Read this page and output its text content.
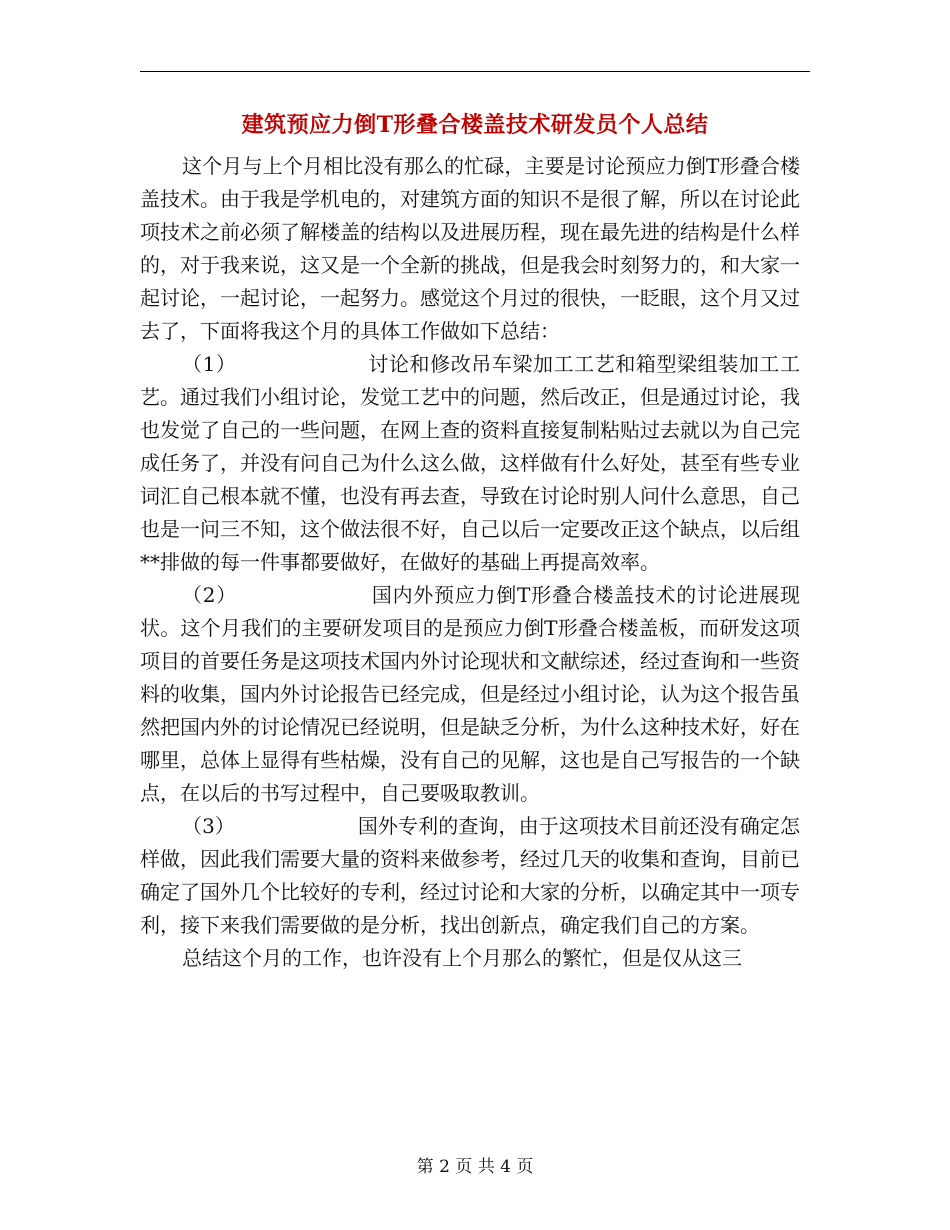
建筑预应力倒T形叠合楼盖技术研发员个人总结

这个月与上个月相比没有那么的忙碌，主要是讨论预应力倒T形叠合楼盖技术。由于我是学机电的，对建筑方面的知识不是很了解，所以在讨论此项技术之前必须了解楼盖的结构以及进展历程，现在最先进的结构是什么样的，对于我来说，这又是一个全新的挑战，但是我会时刻努力的，和大家一起讨论，一起讨论，一起努力。感觉这个月过的很快，一眨眼，这个月又过去了，下面将我这个月的具体工作做如下总结：

（1）	讨论和修改吊车梁加工工艺和箱型梁组装加工工艺。通过我们小组讨论，发觉工艺中的问题，然后改正，但是通过讨论，我也发觉了自己的一些问题，在网上查的资料直接复制粘贴过去就以为自己完成任务了，并没有问自己为什么这么做，这样做有什么好处，甚至有些专业词汇自己根本就不懂，也没有再去查，导致在讨论时别人问什么意思，自己也是一问三不知，这个做法很不好，自己以后一定要改正这个缺点，以后组**排做的每一件事都要做好，在做好的基础上再提高效率。

（2）	国内外预应力倒T形叠合楼盖技术的讨论进展现状。这个月我们的主要研发项目的是预应力倒T形叠合楼盖板，而研发这项项目的首要任务是这项技术国内外讨论现状和文献综述，经过查询和一些资料的收集，国内外讨论报告已经完成，但是经过小组讨论，认为这个报告虽然把国内外的讨论情况已经说明，但是缺乏分析，为什么这种技术好，好在哪里，总体上显得有些枯燥，没有自己的见解，这也是自己写报告的一个缺点，在以后的书写过程中，自己要吸取教训。

（3）	国外专利的查询，由于这项技术目前还没有确定怎样做，因此我们需要大量的资料来做参考，经过几天的收集和查询，目前已确定了国外几个比较好的专利，经过讨论和大家的分析，以确定其中一项专利，接下来我们需要做的是分析，找出创新点，确定我们自己的方案。

总结这个月的工作，也许没有上个月那么的繁忙，但是仅从这三

第 2 页 共 4 页
